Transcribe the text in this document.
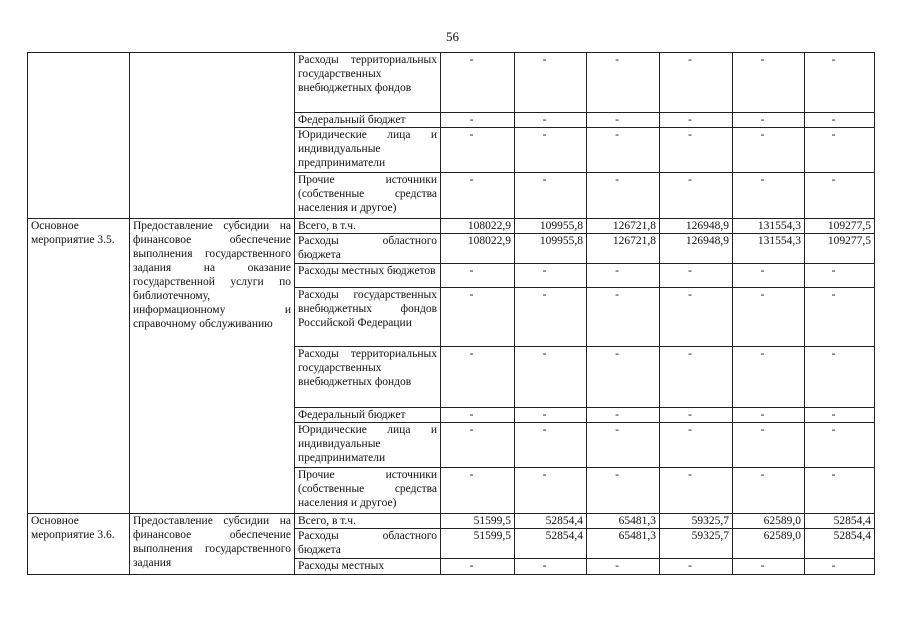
56
		Расходы территориальных государственных внебюджетных фондов	-	-	-	-	-	-
		Федеральный бюджет	-	-	-	-	-	-
		Юридические лица и индивидуальные предприниматели	-	-	-	-	-	-
		Прочие источники (собственные средства населения и другое)	-	-	-	-	-	-
Основное мероприятие 3.5.	Предоставление субсидии на финансовое обеспечение выполнения государственного задания на оказание государственной услуги по библиотечному, информационному и справочному обслуживанию	Всего, в т.ч.	108022,9	109955,8	126721,8	126948,9	131554,3	109277,5
		Расходы областного бюджета	108022,9	109955,8	126721,8	126948,9	131554,3	109277,5
		Расходы местных бюджетов	-	-	-	-	-	-
		Расходы государственных внебюджетных фондов Российской Федерации	-	-	-	-	-	-
		Расходы территориальных государственных внебюджетных фондов	-	-	-	-	-	-
		Федеральный бюджет	-	-	-	-	-	-
		Юридические лица и индивидуальные предприниматели	-	-	-	-	-	-
		Прочие источники (собственные средства населения и другое)	-	-	-	-	-	-
Основное мероприятие 3.6.	Предоставление субсидии на финансовое обеспечение выполнения государственного задания	Всего, в т.ч.	51599,5	52854,4	65481,3	59325,7	62589,0	52854,4
		Расходы областного бюджета	51599,5	52854,4	65481,3	59325,7	62589,0	52854,4
		Расходы местных	-	-	-	-	-	-
